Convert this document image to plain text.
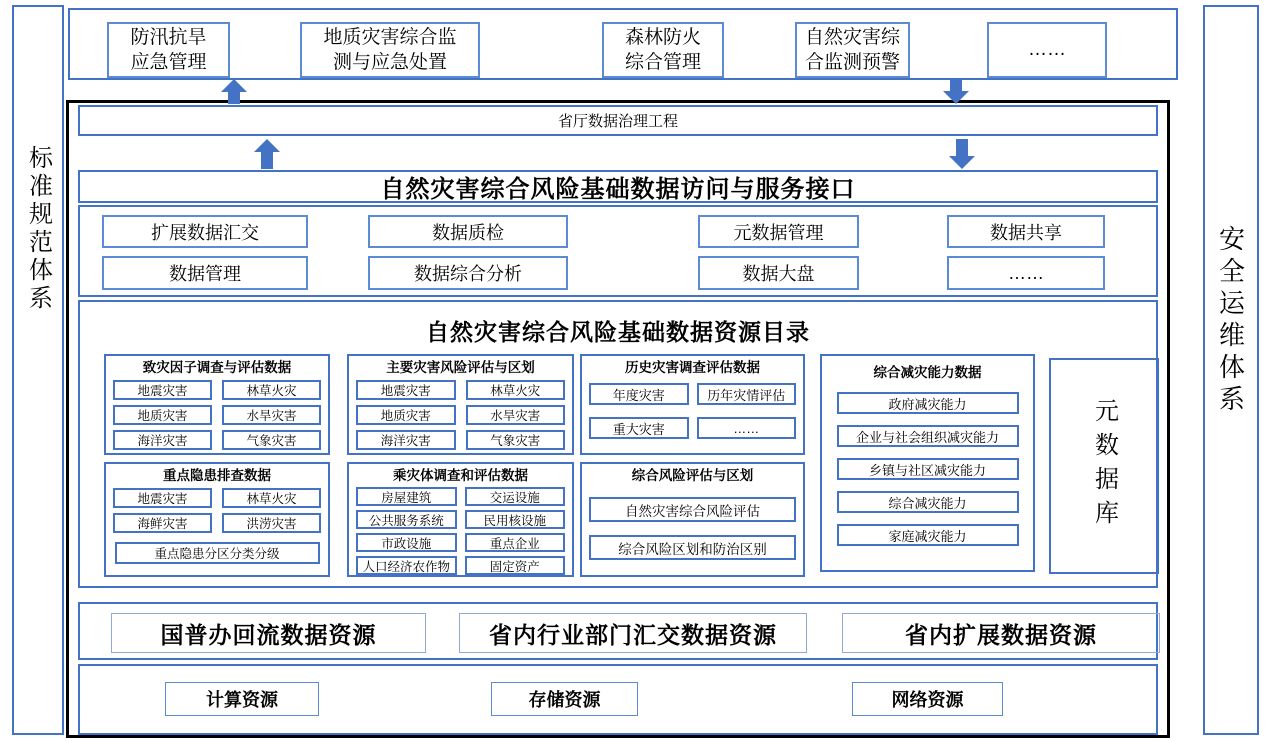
标准规范体系	安全运维体系
防汛抗旱应急管理
地质灾害综合监测与应急处置
森林防火综合管理
自然灾害综合监测预警
……
省厅数据治理工程
自然灾害综合风险基础数据访问与服务接口
扩展数据汇交	数据质检	元数据管理	数据共享
数据管理	数据综合分析	数据大盘	……
自然灾害综合风险基础数据资源目录
致灾因子调查与评估数据
地震灾害	林草火灾
地质灾害	水旱灾害
海洋灾害	气象灾害
重点隐患排查数据
地震灾害	林草火灾
海鲜灾害	洪涝灾害
重点隐患分区分类分级
主要灾害风险评估与区划
地震灾害	林草火灾
地质灾害	水旱灾害
海洋灾害	气象灾害
乘灾体调查和评估数据
房屋建筑	交运设施
公共服务系统	民用核设施
市政设施	重点企业
人口经济农作物	固定资产
历史灾害调查评估数据
年度灾害	历年灾情评估
重大灾害	……
综合风险评估与区划
自然灾害综合风险评估
综合风险区划和防治区别
综合减灾能力数据
政府减灾能力
企业与社会组织减灾能力
乡镇与社区减灾能力
综合减灾能力
家庭减灾能力
元数据库
国普办回流数据资源	省内行业部门汇交数据资源	省内扩展数据资源
计算资源	存储资源	网络资源
